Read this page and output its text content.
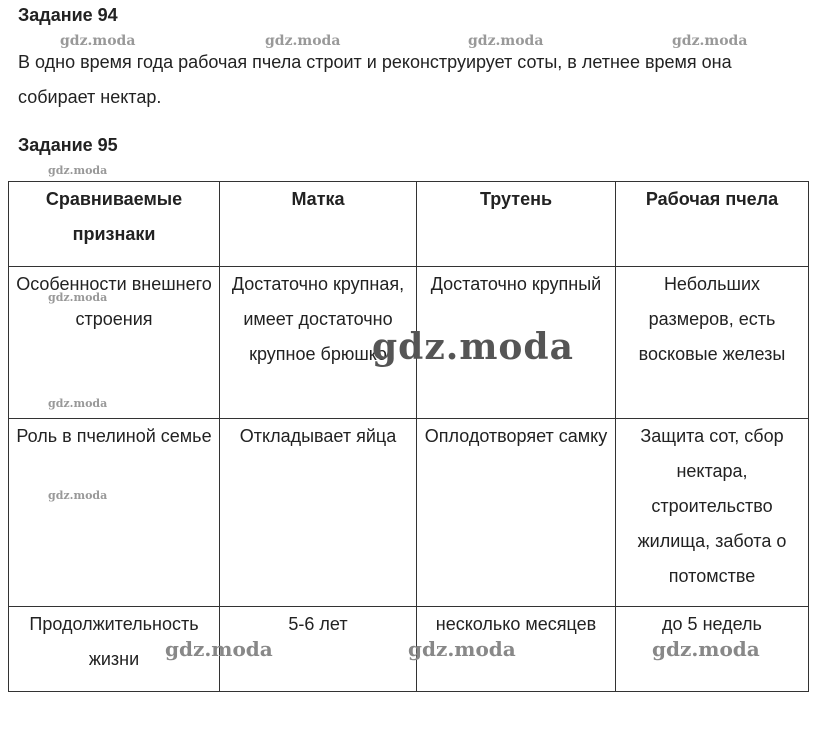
Задание 94
В одно время года рабочая пчела строит и реконструирует соты, в летнее время она собирает нектар.
Задание 95
Сравниваемые признаки	Матка	Трутень	Рабочая пчела
Особенности внешнего строения	Достаточно крупная, имеет достаточно крупное брюшко	Достаточно крупный	Небольших размеров, есть восковые железы
Роль в пчелиной семье	Откладывает яйца	Оплодотворяет самку	Защита сот, сбор нектара, строительство жилища, забота о потомстве
Продолжительность жизни	5-6 лет	несколько месяцев	до 5 недель
gdz.moda	gdz.moda	gdz.moda	gdz.moda
gdz.moda
gdz.moda
gdz.moda
gdz.moda
gdz.moda
gdz.moda	gdz.moda	gdz.moda
